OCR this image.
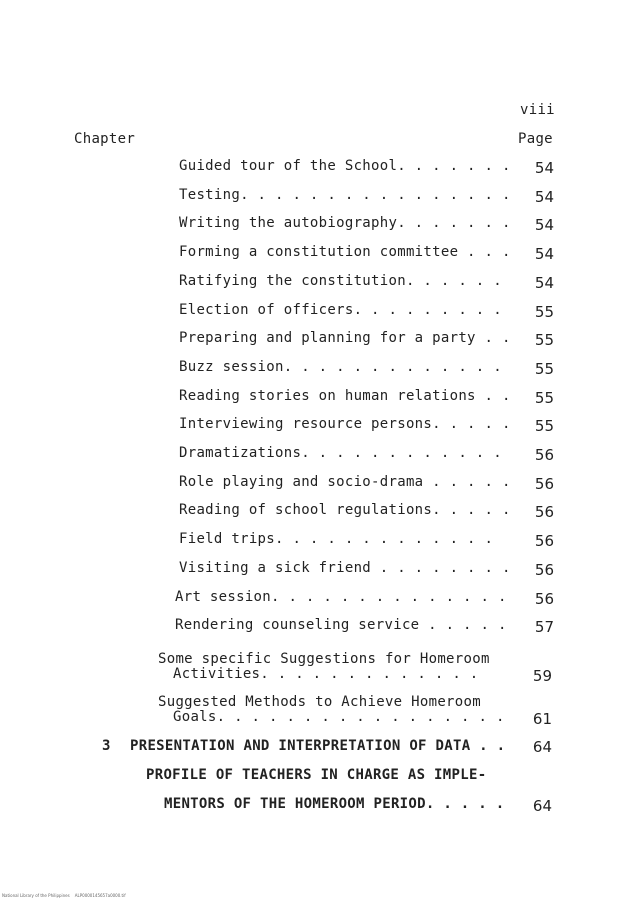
viii
Chapter	Page
Guided tour of the School. . . . . . .	54
Testing. . . . . . . . . . . . . . . .	54
Writing the autobiography. . . . . . .	54
Forming a constitution committee . . .	54
Ratifying the constitution. . . . . .	54
Election of officers. . . . . . . . .	55
Preparing and planning for a party . .	55
Buzz session. . . . . . . . . . . . .	55
Reading stories on human relations . .	55
Interviewing resource persons. . . . .	55
Dramatizations. . . . . . . . . . . .	56
Role playing and socio-drama . . . . .	56
Reading of school regulations. . . . .	56
Field trips. . . . . . . . . . . . .	56
Visiting a sick friend . . . . . . . .	56
Art session. . . . . . . . . . . . . .	56
Rendering counseling service . . . . .	57
Some specific Suggestions for Homeroom
Activities. . . . . . . . . . . . .	59
Suggested Methods to Achieve Homeroom
Goals. . . . . . . . . . . . . . . . .	61
3 PRESENTATION AND INTERPRETATION OF DATA . .	64
PROFILE OF TEACHERS IN CHARGE AS IMPLE-
MENTORS OF THE HOMEROOM PERIOD. . . . .	64
National Library of the Philippines    ALP0000145657a0000.tif
